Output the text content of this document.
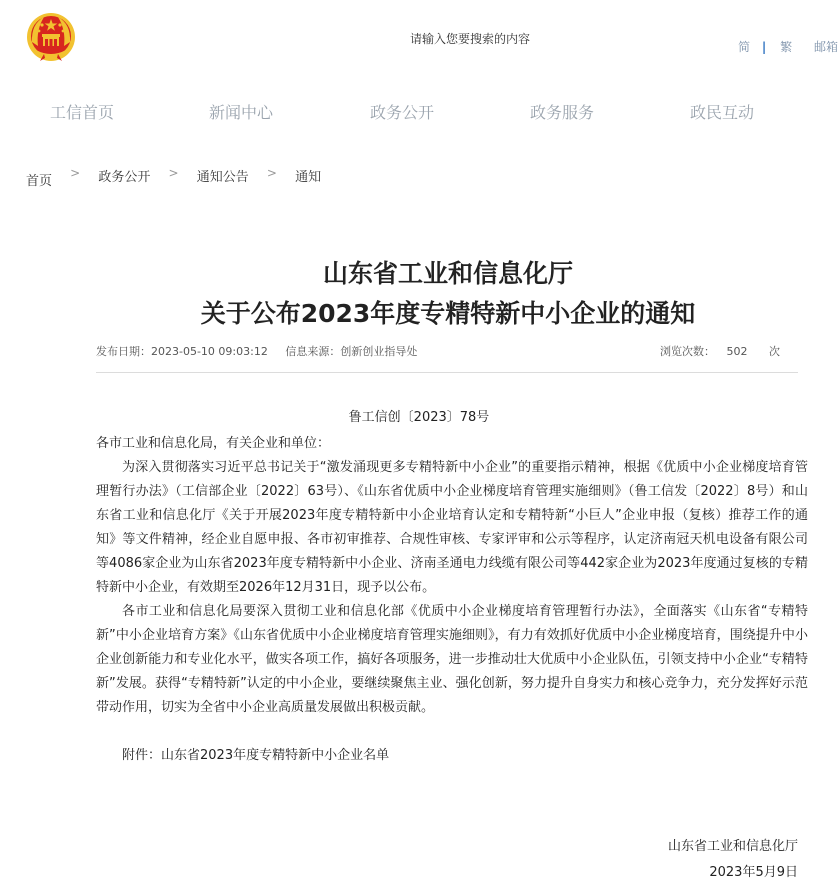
请输入您要搜索的内容
简 | 繁 邮箱
工信首页	新闻中心	政务公开	政务服务	政民互动
首页 > 政务公开 > 通知公告 > 通知
山东省工业和信息化厅
关于公布2023年度专精特新中小企业的通知
发布日期：2023-05-10 09:03:12 信息来源：创新创业指导处	浏览次数： 502 次
鲁工信创〔2023〕78号

各市工业和信息化局，有关企业和单位：

为深入贯彻落实习近平总书记关于“激发涌现更多专精特新中小企业”的重要指示精神，根据《优质中小企业梯度培育管理暂行办法》（工信部企业〔2022〕63号）、《山东省优质中小企业梯度培育管理实施细则》（鲁工信发〔2022〕8号）和山东省工业和信息化厅《关于开展2023年度专精特新中小企业培育认定和专精特新“小巨人”企业申报（复核）推荐工作的通知》等文件精神，经企业自愿申报、各市初审推荐、合规性审核、专家评审和公示等程序，认定济南冠天机电设备有限公司等4086家企业为山东省2023年度专精特新中小企业、济南圣通电力线缆有限公司等442家企业为2023年度通过复核的专精特新中小企业，有效期至2026年12月31日，现予以公布。

各市工业和信息化局要深入贯彻工业和信息化部《优质中小企业梯度培育管理暂行办法》，全面落实《山东省“专精特新”中小企业培育方案》《山东省优质中小企业梯度培育管理实施细则》，有力有效抓好优质中小企业梯度培育，围绕提升中小企业创新能力和专业化水平，做实各项工作，搞好各项服务，进一步推动壮大优质中小企业队伍，引领支持中小企业“专精特新”发展。获得“专精特新”认定的中小企业，要继续聚焦主业、强化创新，努力提升自身实力和核心竞争力，充分发挥好示范带动作用，切实为全省中小企业高质量发展做出积极贡献。

附件：山东省2023年度专精特新中小企业名单

山东省工业和信息化厅
2023年5月9日
